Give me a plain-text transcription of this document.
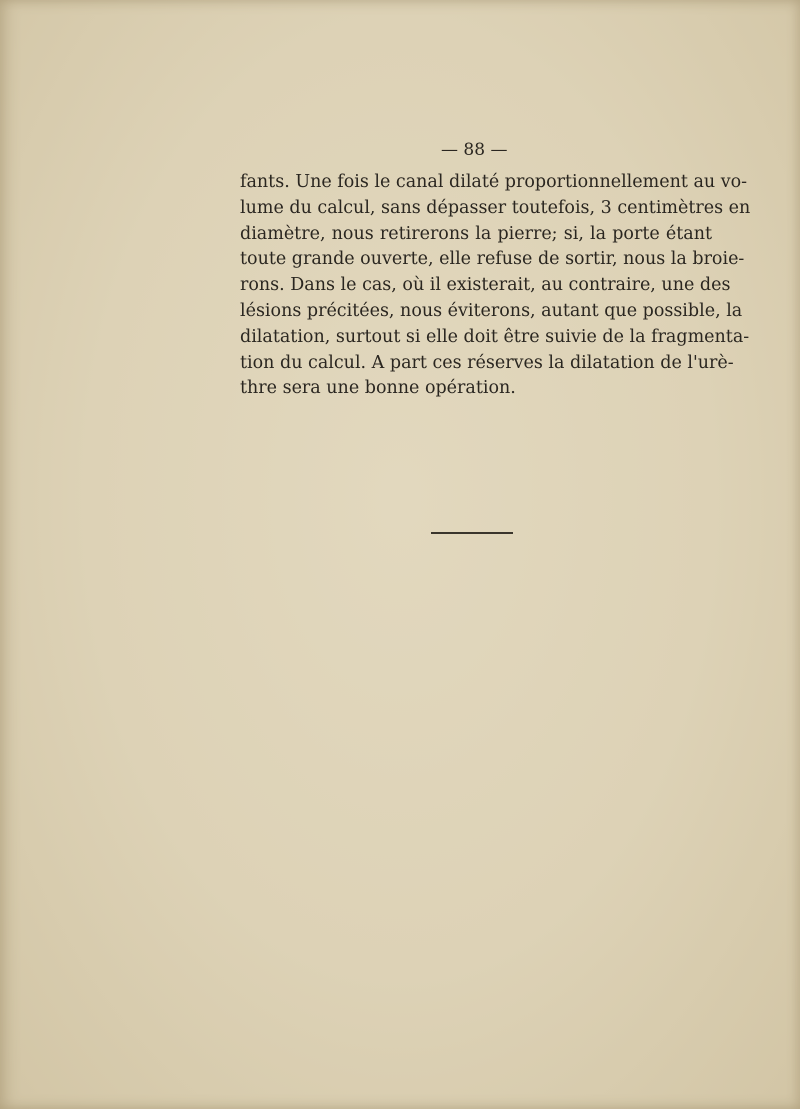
— 88 —
fants. Une fois le canal dilaté proportionnellement au vo-
lume du calcul, sans dépasser toutefois, 3 centimètres en
diamètre, nous retirerons la pierre; si, la porte étant
toute grande ouverte, elle refuse de sortir, nous la broie-
rons. Dans le cas, où il existerait, au contraire, une des
lésions précitées, nous éviterons, autant que possible, la
dilatation, surtout si elle doit être suivie de la fragmenta-
tion du calcul. A part ces réserves la dilatation de l'urè-
thre sera une bonne opération.
